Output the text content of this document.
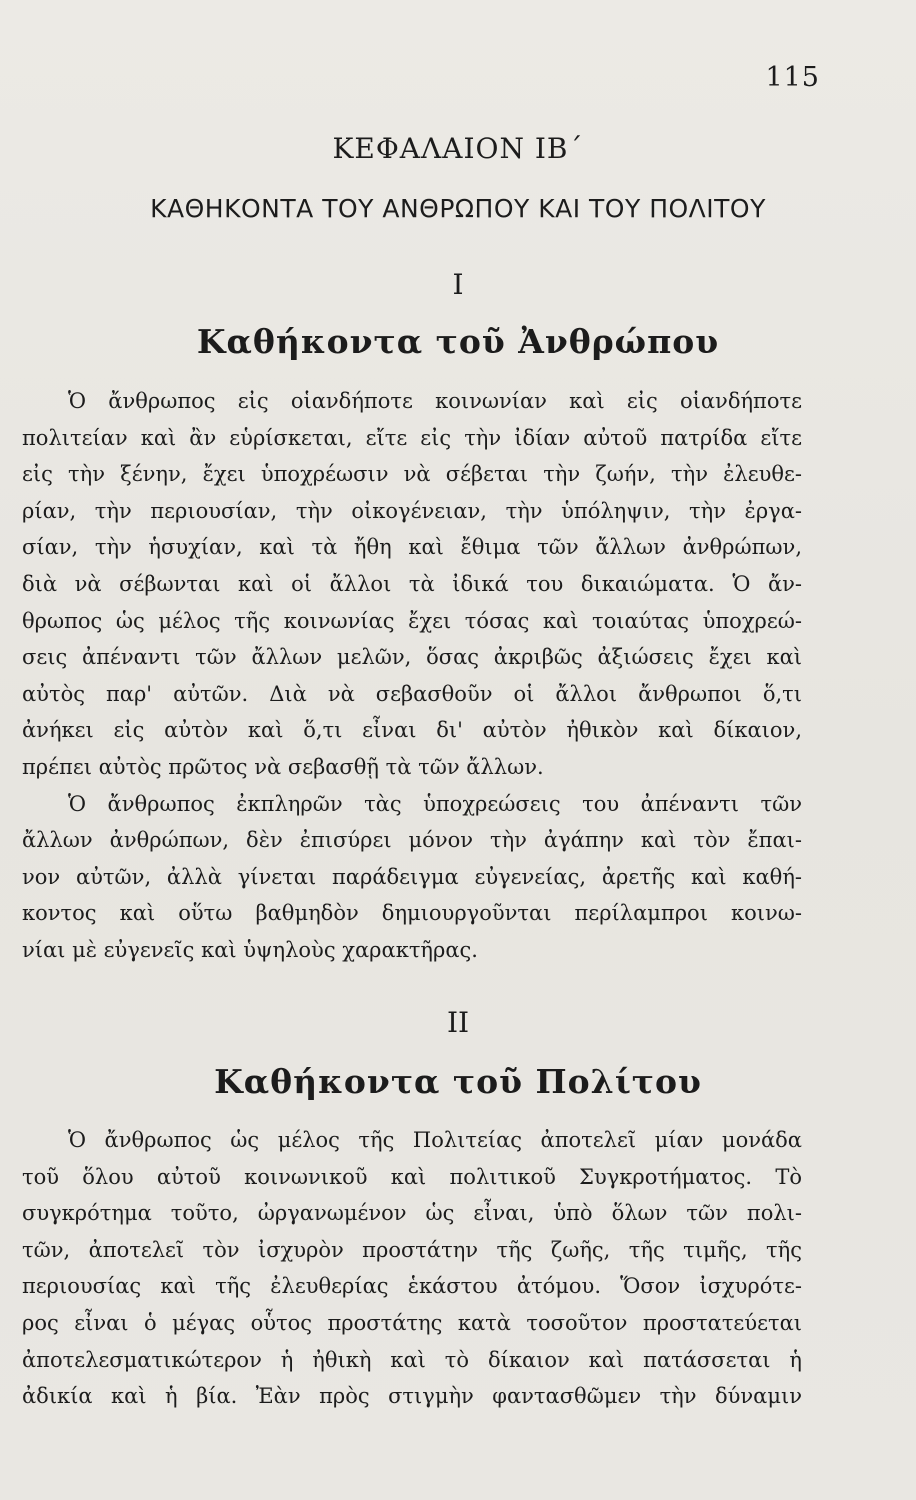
115
ΚΕΦΑΛΑΙΟΝ ΙΒ΄
ΚΑΘΗΚΟΝΤΑ ΤΟΥ ΑΝΘΡΩΠΟΥ ΚΑΙ ΤΟΥ ΠΟΛΙΤΟΥ
I
Καθήκοντα τοῦ Ἀνθρώπου
Ὁ ἄνθρωπος εἰς οἱανδήποτε κοινωνίαν καὶ εἰς οἱανδήποτε
πολιτείαν καὶ ἂν εὑρίσκεται, εἴτε εἰς τὴν ἰδίαν αὐτοῦ πατρίδα εἴτε
εἰς τὴν ξένην, ἔχει ὑποχρέωσιν νὰ σέβεται τὴν ζωήν, τὴν ἐλευθε-
ρίαν, τὴν περιουσίαν, τὴν οἰκογένειαν, τὴν ὑπόληψιν, τὴν ἐργα-
σίαν, τὴν ἡσυχίαν, καὶ τὰ ἤθη καὶ ἔθιμα τῶν ἄλλων ἀνθρώπων,
διὰ νὰ σέβωνται καὶ οἱ ἄλλοι τὰ ἰδικά του δικαιώματα. Ὁ ἄν-
θρωπος ὡς μέλος τῆς κοινωνίας ἔχει τόσας καὶ τοιαύτας ὑποχρεώ-
σεις ἀπέναντι τῶν ἄλλων μελῶν, ὅσας ἀκριβῶς ἀξιώσεις ἔχει καὶ
αὐτὸς παρ' αὐτῶν. Διὰ νὰ σεβασθοῦν οἱ ἄλλοι ἄνθρωποι ὅ,τι
ἀνήκει εἰς αὐτὸν καὶ ὅ,τι εἶναι δι' αὐτὸν ἠθικὸν καὶ δίκαιον,
πρέπει αὐτὸς πρῶτος νὰ σεβασθῇ τὰ τῶν ἄλλων.
Ὁ ἄνθρωπος ἐκπληρῶν τὰς ὑποχρεώσεις του ἀπέναντι τῶν
ἄλλων ἀνθρώπων, δὲν ἐπισύρει μόνον τὴν ἀγάπην καὶ τὸν ἔπαι-
νον αὐτῶν, ἀλλὰ γίνεται παράδειγμα εὐγενείας, ἀρετῆς καὶ καθή-
κοντος καὶ οὕτω βαθμηδὸν δημιουργοῦνται περίλαμπροι κοινω-
νίαι μὲ εὐγενεῖς καὶ ὑψηλοὺς χαρακτῆρας.
II
Καθήκοντα τοῦ Πολίτου
Ὁ ἄνθρωπος ὡς μέλος τῆς Πολιτείας ἀποτελεῖ μίαν μονάδα
τοῦ ὅλου αὐτοῦ κοινωνικοῦ καὶ πολιτικοῦ Συγκροτήματος. Τὸ
συγκρότημα τοῦτο, ὠργανωμένον ὡς εἶναι, ὑπὸ ὅλων τῶν πολι-
τῶν, ἀποτελεῖ τὸν ἰσχυρὸν προστάτην τῆς ζωῆς, τῆς τιμῆς, τῆς
περιουσίας καὶ τῆς ἐλευθερίας ἑκάστου ἀτόμου. Ὅσον ἰσχυρότε-
ρος εἶναι ὁ μέγας οὗτος προστάτης κατὰ τοσοῦτον προστατεύεται
ἀποτελεσματικώτερον ἡ ἠθικὴ καὶ τὸ δίκαιον καὶ πατάσσεται ἡ
ἀδικία καὶ ἡ βία. Ἐὰν πρὸς στιγμὴν φαντασθῶμεν τὴν δύναμιν
